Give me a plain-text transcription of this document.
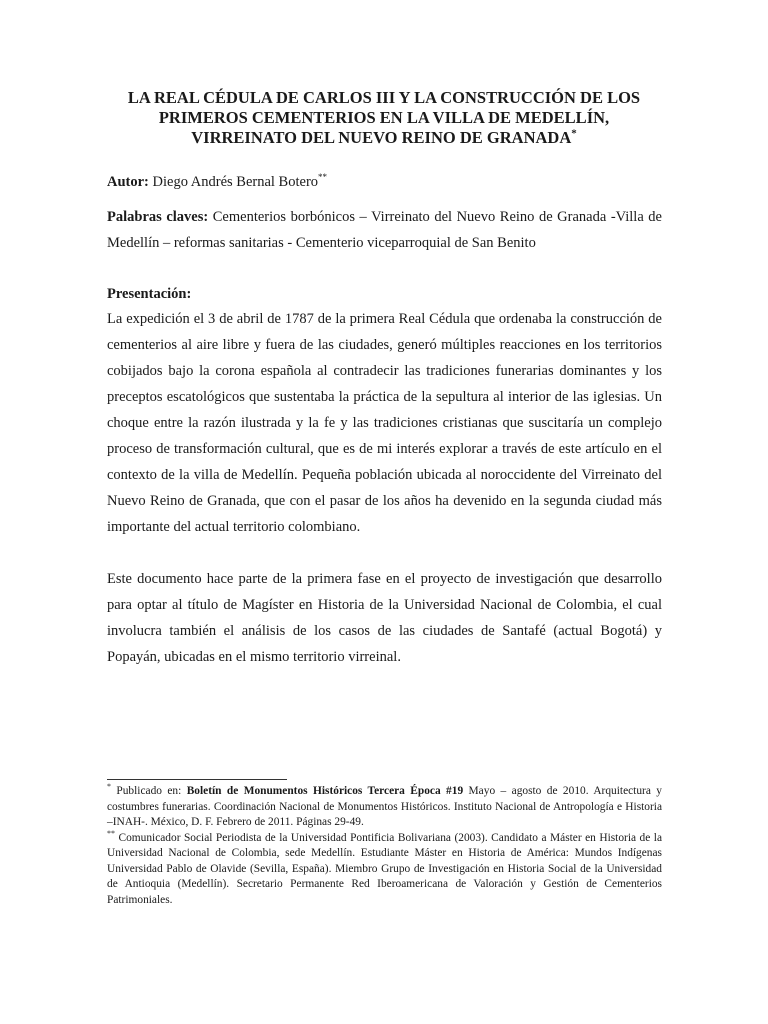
LA REAL CÉDULA DE CARLOS III Y LA CONSTRUCCIÓN DE LOS
PRIMEROS CEMENTERIOS EN LA VILLA DE MEDELLÍN,
VIRREINATO DEL NUEVO REINO DE GRANADA*
Autor: Diego Andrés Bernal Botero**
Palabras claves: Cementerios borbónicos – Virreinato del Nuevo Reino de Granada -Villa de Medellín – reformas sanitarias - Cementerio viceparroquial de San Benito
Presentación:

La expedición el 3 de abril de 1787 de la primera Real Cédula que ordenaba la construcción de cementerios al aire libre y fuera de las ciudades, generó múltiples reacciones en los territorios cobijados bajo la corona española al contradecir las tradiciones funerarias dominantes y los preceptos escatológicos que sustentaba la práctica de la sepultura al interior de las iglesias. Un choque entre la razón ilustrada y la fe y las tradiciones cristianas que suscitaría un complejo proceso de transformación cultural, que es de mi interés explorar a través de este artículo en el contexto de la villa de Medellín. Pequeña población ubicada al noroccidente del Virreinato del Nuevo Reino de Granada, que con el pasar de los años ha devenido en la segunda ciudad más importante del actual territorio colombiano.

Este documento hace parte de la primera fase en el proyecto de investigación que desarrollo para optar al título de Magíster en Historia de la Universidad Nacional de Colombia, el cual involucra también el análisis de los casos de las ciudades de Santafé (actual Bogotá) y Popayán, ubicadas en el mismo territorio virreinal.

* Publicado en: Boletín de Monumentos Históricos Tercera Época #19 Mayo – agosto de 2010. Arquitectura y costumbres funerarias. Coordinación Nacional de Monumentos Históricos. Instituto Nacional de Antropología e Historia –INAH-. México, D. F. Febrero de 2011. Páginas 29-49.

** Comunicador Social Periodista de la Universidad Pontificia Bolivariana (2003). Candidato a Máster en Historia de la Universidad Nacional de Colombia, sede Medellín. Estudiante Máster en Historia de América: Mundos Indígenas Universidad Pablo de Olavide (Sevilla, España). Miembro Grupo de Investigación en Historia Social de la Universidad de Antioquia (Medellín). Secretario Permanente Red Iberoamericana de Valoración y Gestión de Cementerios Patrimoniales.
